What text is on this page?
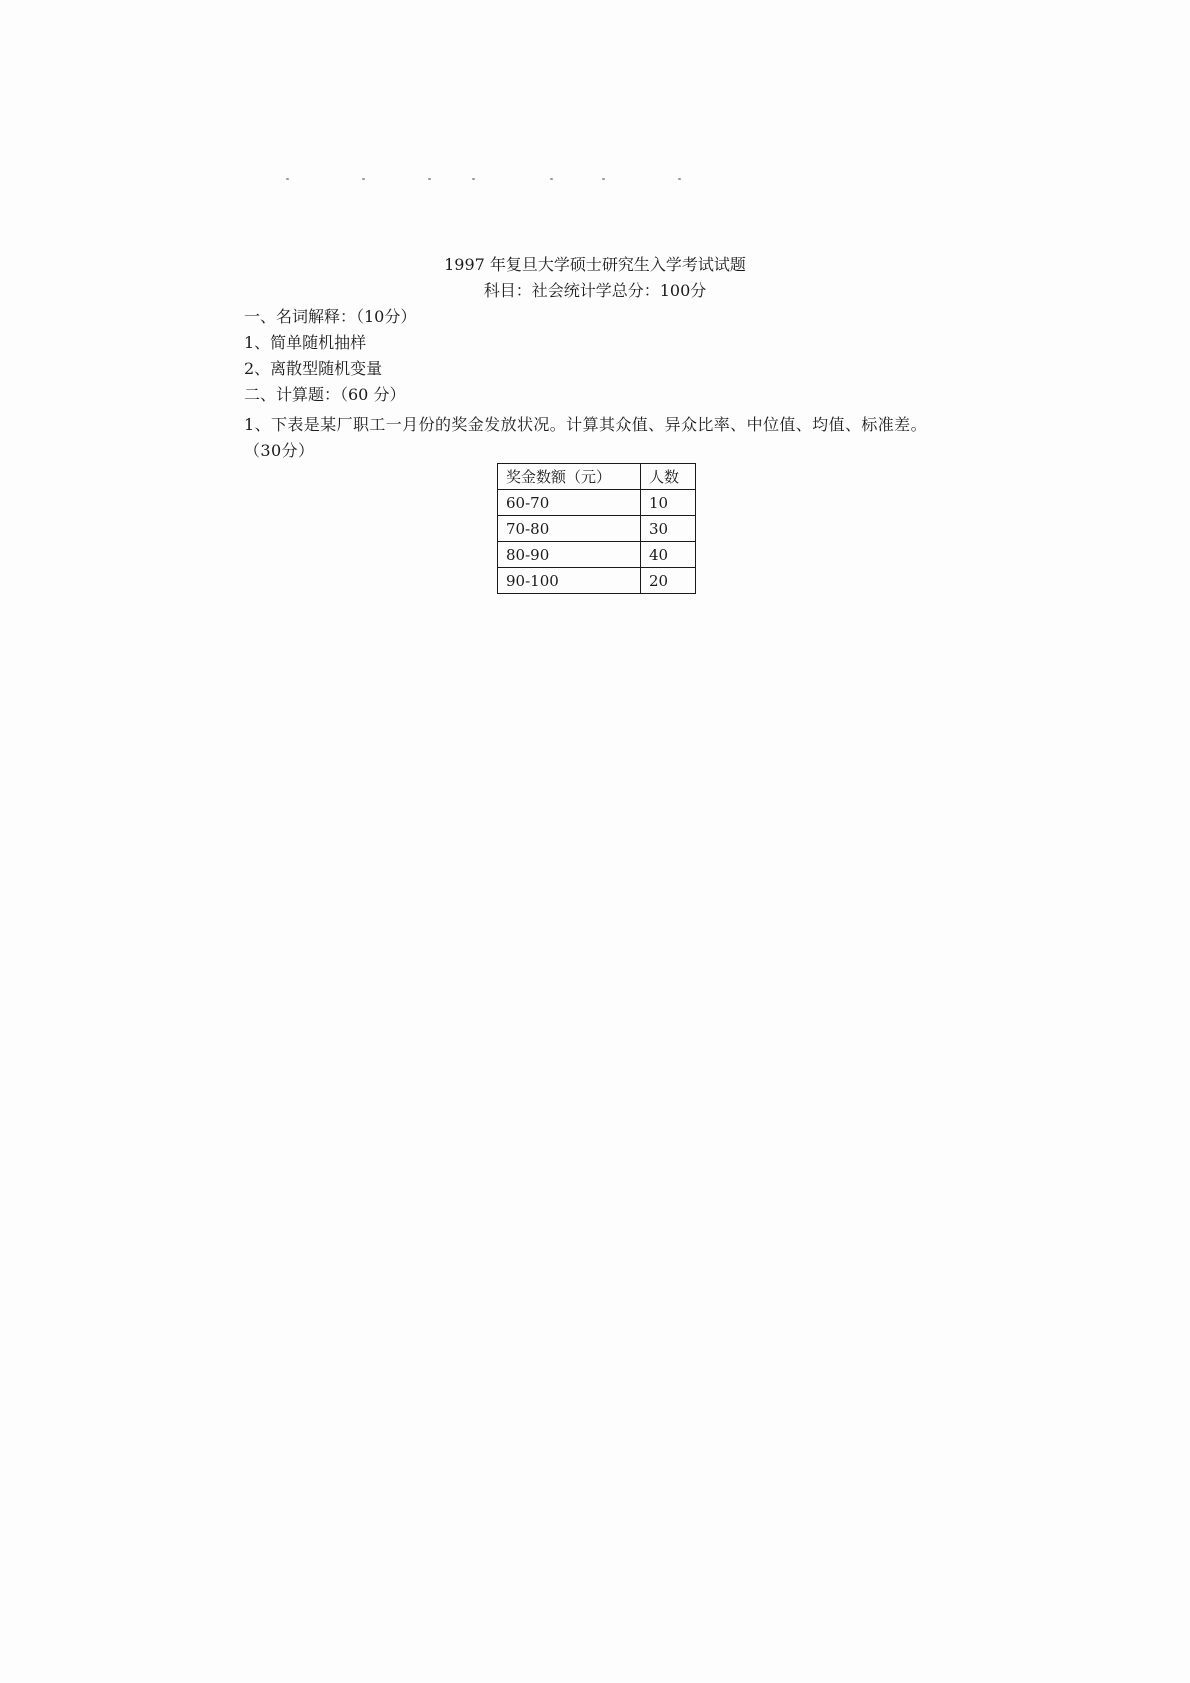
1997 年复旦大学硕士研究生入学考试试题
科目：社会统计学总分：100分
一、名词解释：（10分）
1、简单随机抽样
2、离散型随机变量
二、计算题：（60 分）
1、下表是某厂职工一月份的奖金发放状况。计算其众值、异众比率、中位值、均值、标准差。（30分）
奖金数额（元）	人数
60-70	10
70-80	30
80-90	40
90-100	20
